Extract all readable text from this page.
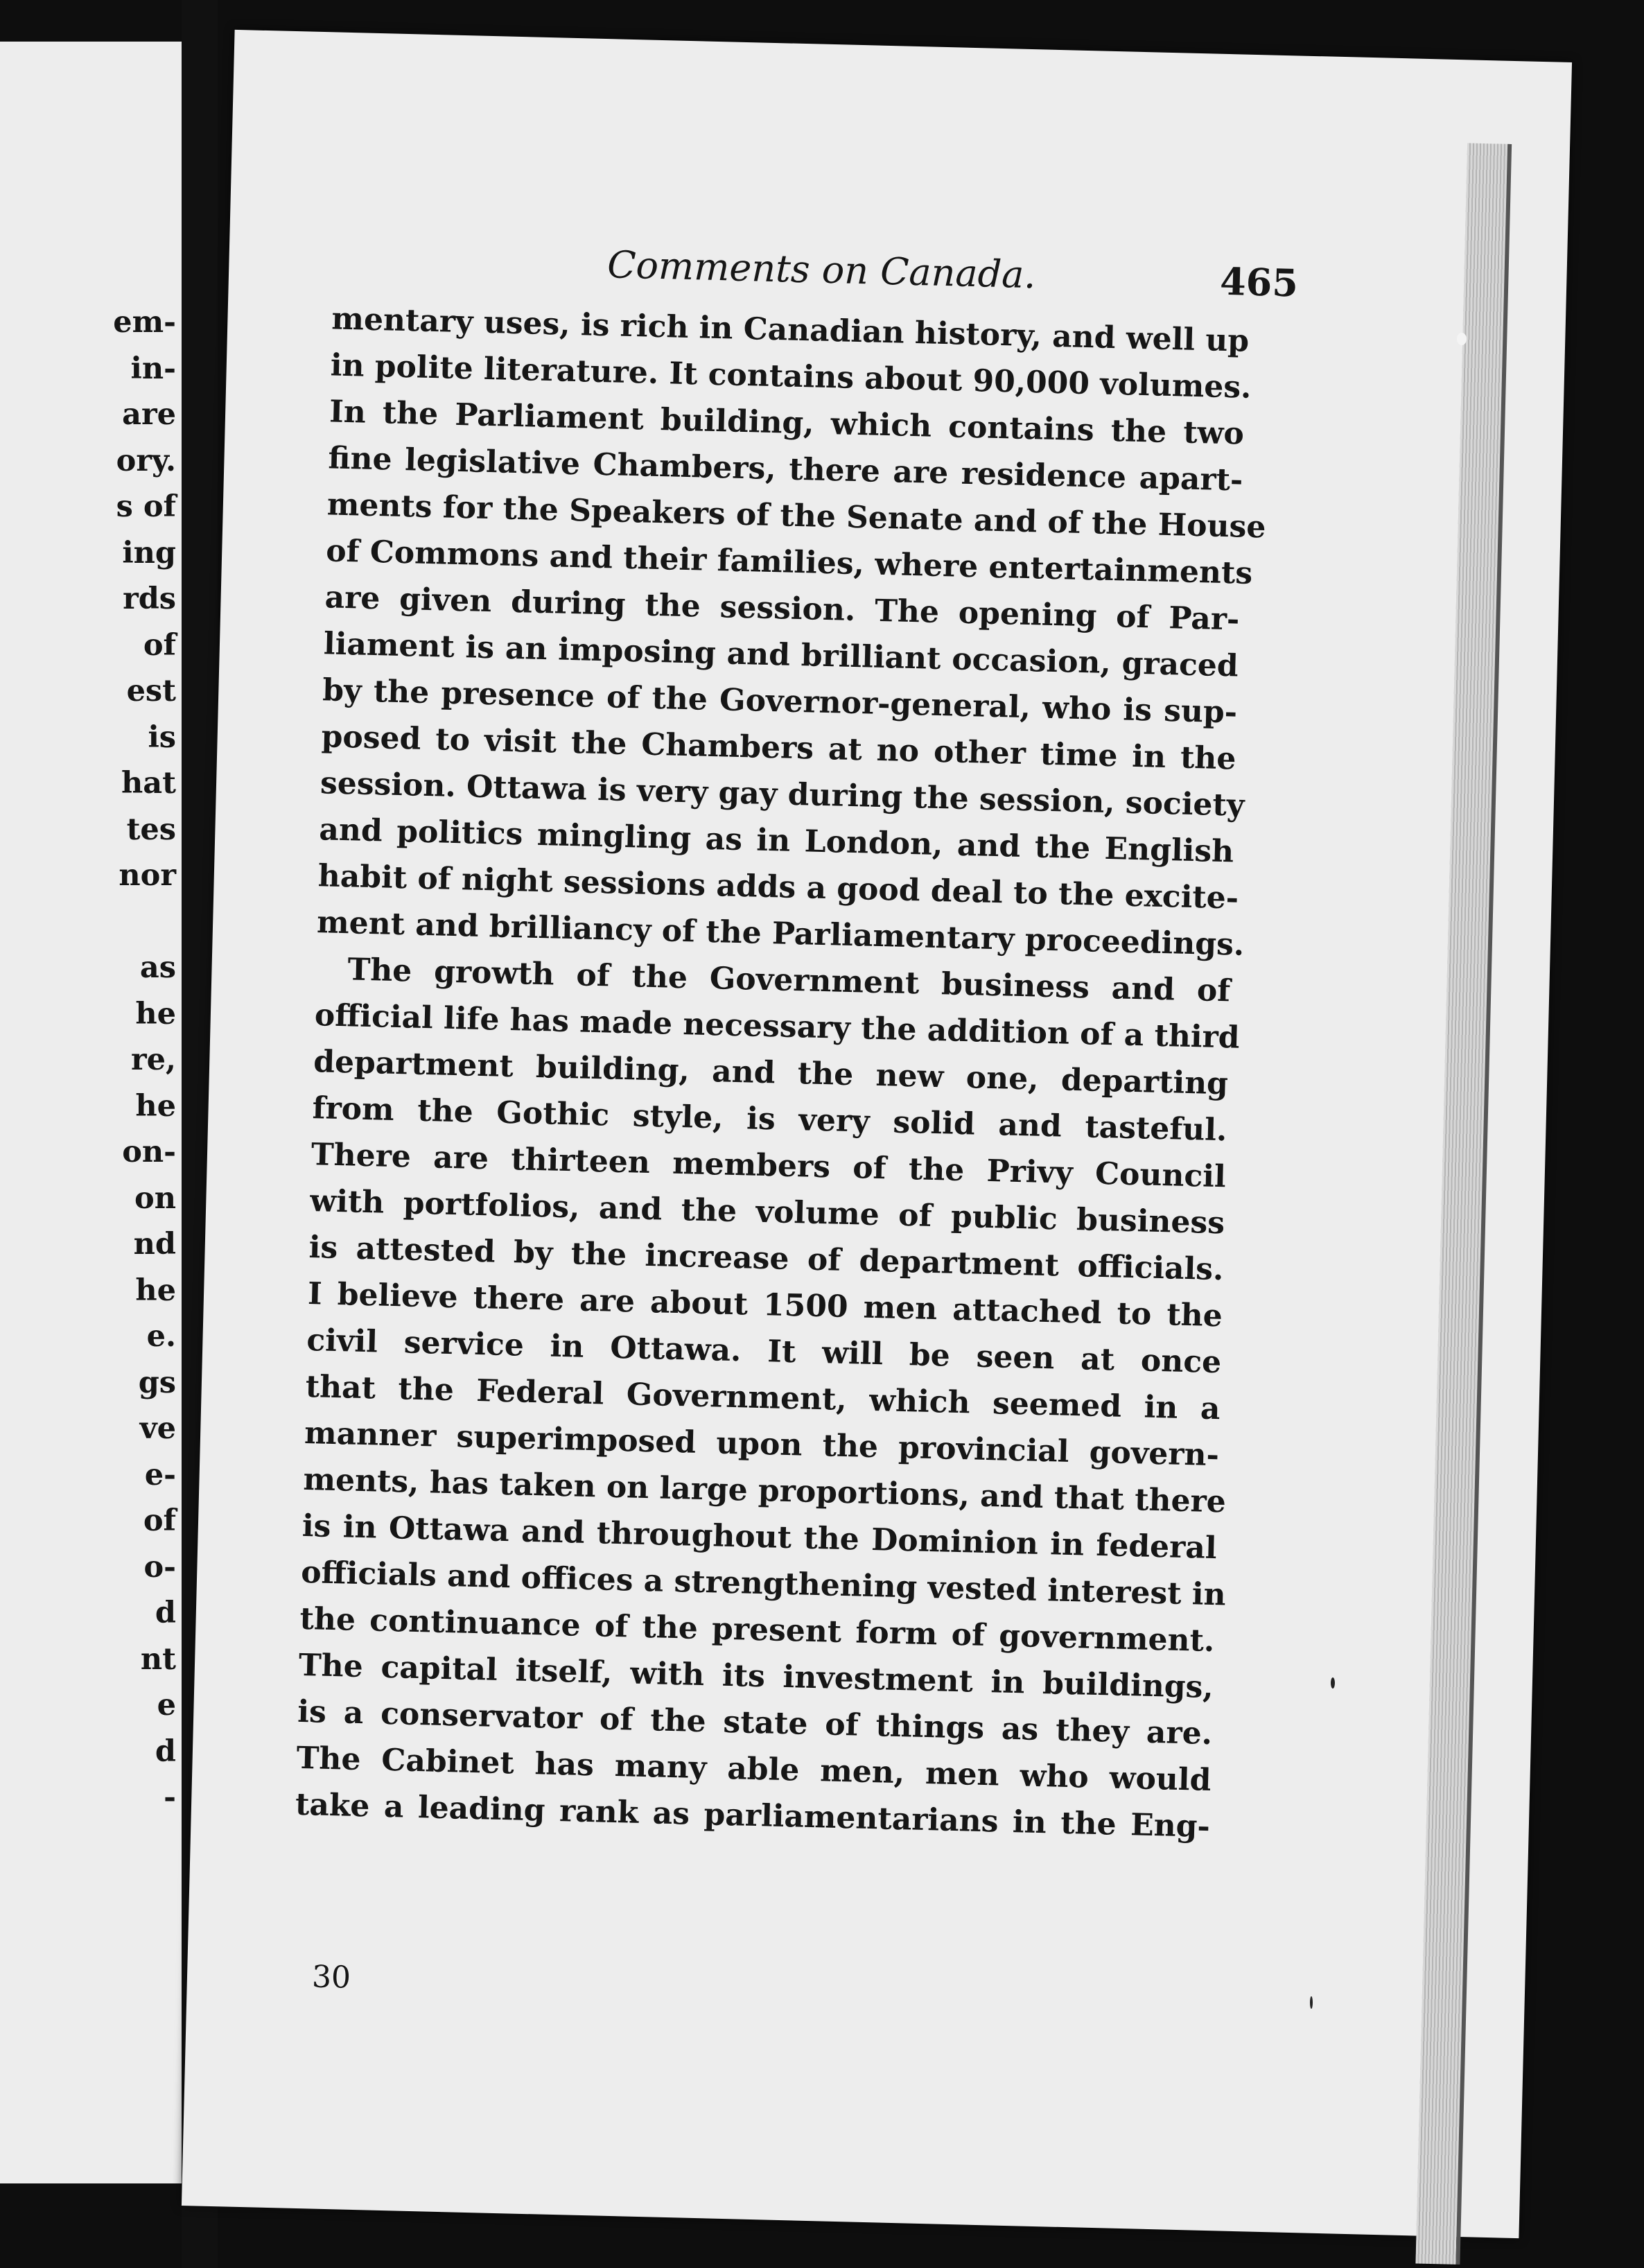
em-
in-
are
ory.
s of
ing
rds
of
est
is
hat
tes
nor
as
he
re,
he
on-
on
nd
he
e.
gs
ve
e-
of
o-
d
nt
e
d
-
Comments on Canada.	465
mentary uses, is rich in Canadian history, and well up
in polite literature. It contains about 90,000 volumes.
In the Parliament building, which contains the two
fine legislative Chambers, there are residence apart-
ments for the Speakers of the Senate and of the House
of Commons and their families, where entertainments
are given during the session. The opening of Par-
liament is an imposing and brilliant occasion, graced
by the presence of the Governor-general, who is sup-
posed to visit the Chambers at no other time in the
session. Ottawa is very gay during the session, society
and politics mingling as in London, and the English
habit of night sessions adds a good deal to the excite-
ment and brilliancy of the Parliamentary proceedings.
The growth of the Government business and of
official life has made necessary the addition of a third
department building, and the new one, departing
from the Gothic style, is very solid and tasteful.
There are thirteen members of the Privy Council
with portfolios, and the volume of public business
is attested by the increase of department officials.
I believe there are about 1500 men attached to the
civil service in Ottawa. It will be seen at once
that the Federal Government, which seemed in a
manner superimposed upon the provincial govern-
ments, has taken on large proportions, and that there
is in Ottawa and throughout the Dominion in federal
officials and offices a strengthening vested interest in
the continuance of the present form of government.
The capital itself, with its investment in buildings,
is a conservator of the state of things as they are.
The Cabinet has many able men, men who would
take a leading rank as parliamentarians in the Eng-
30
